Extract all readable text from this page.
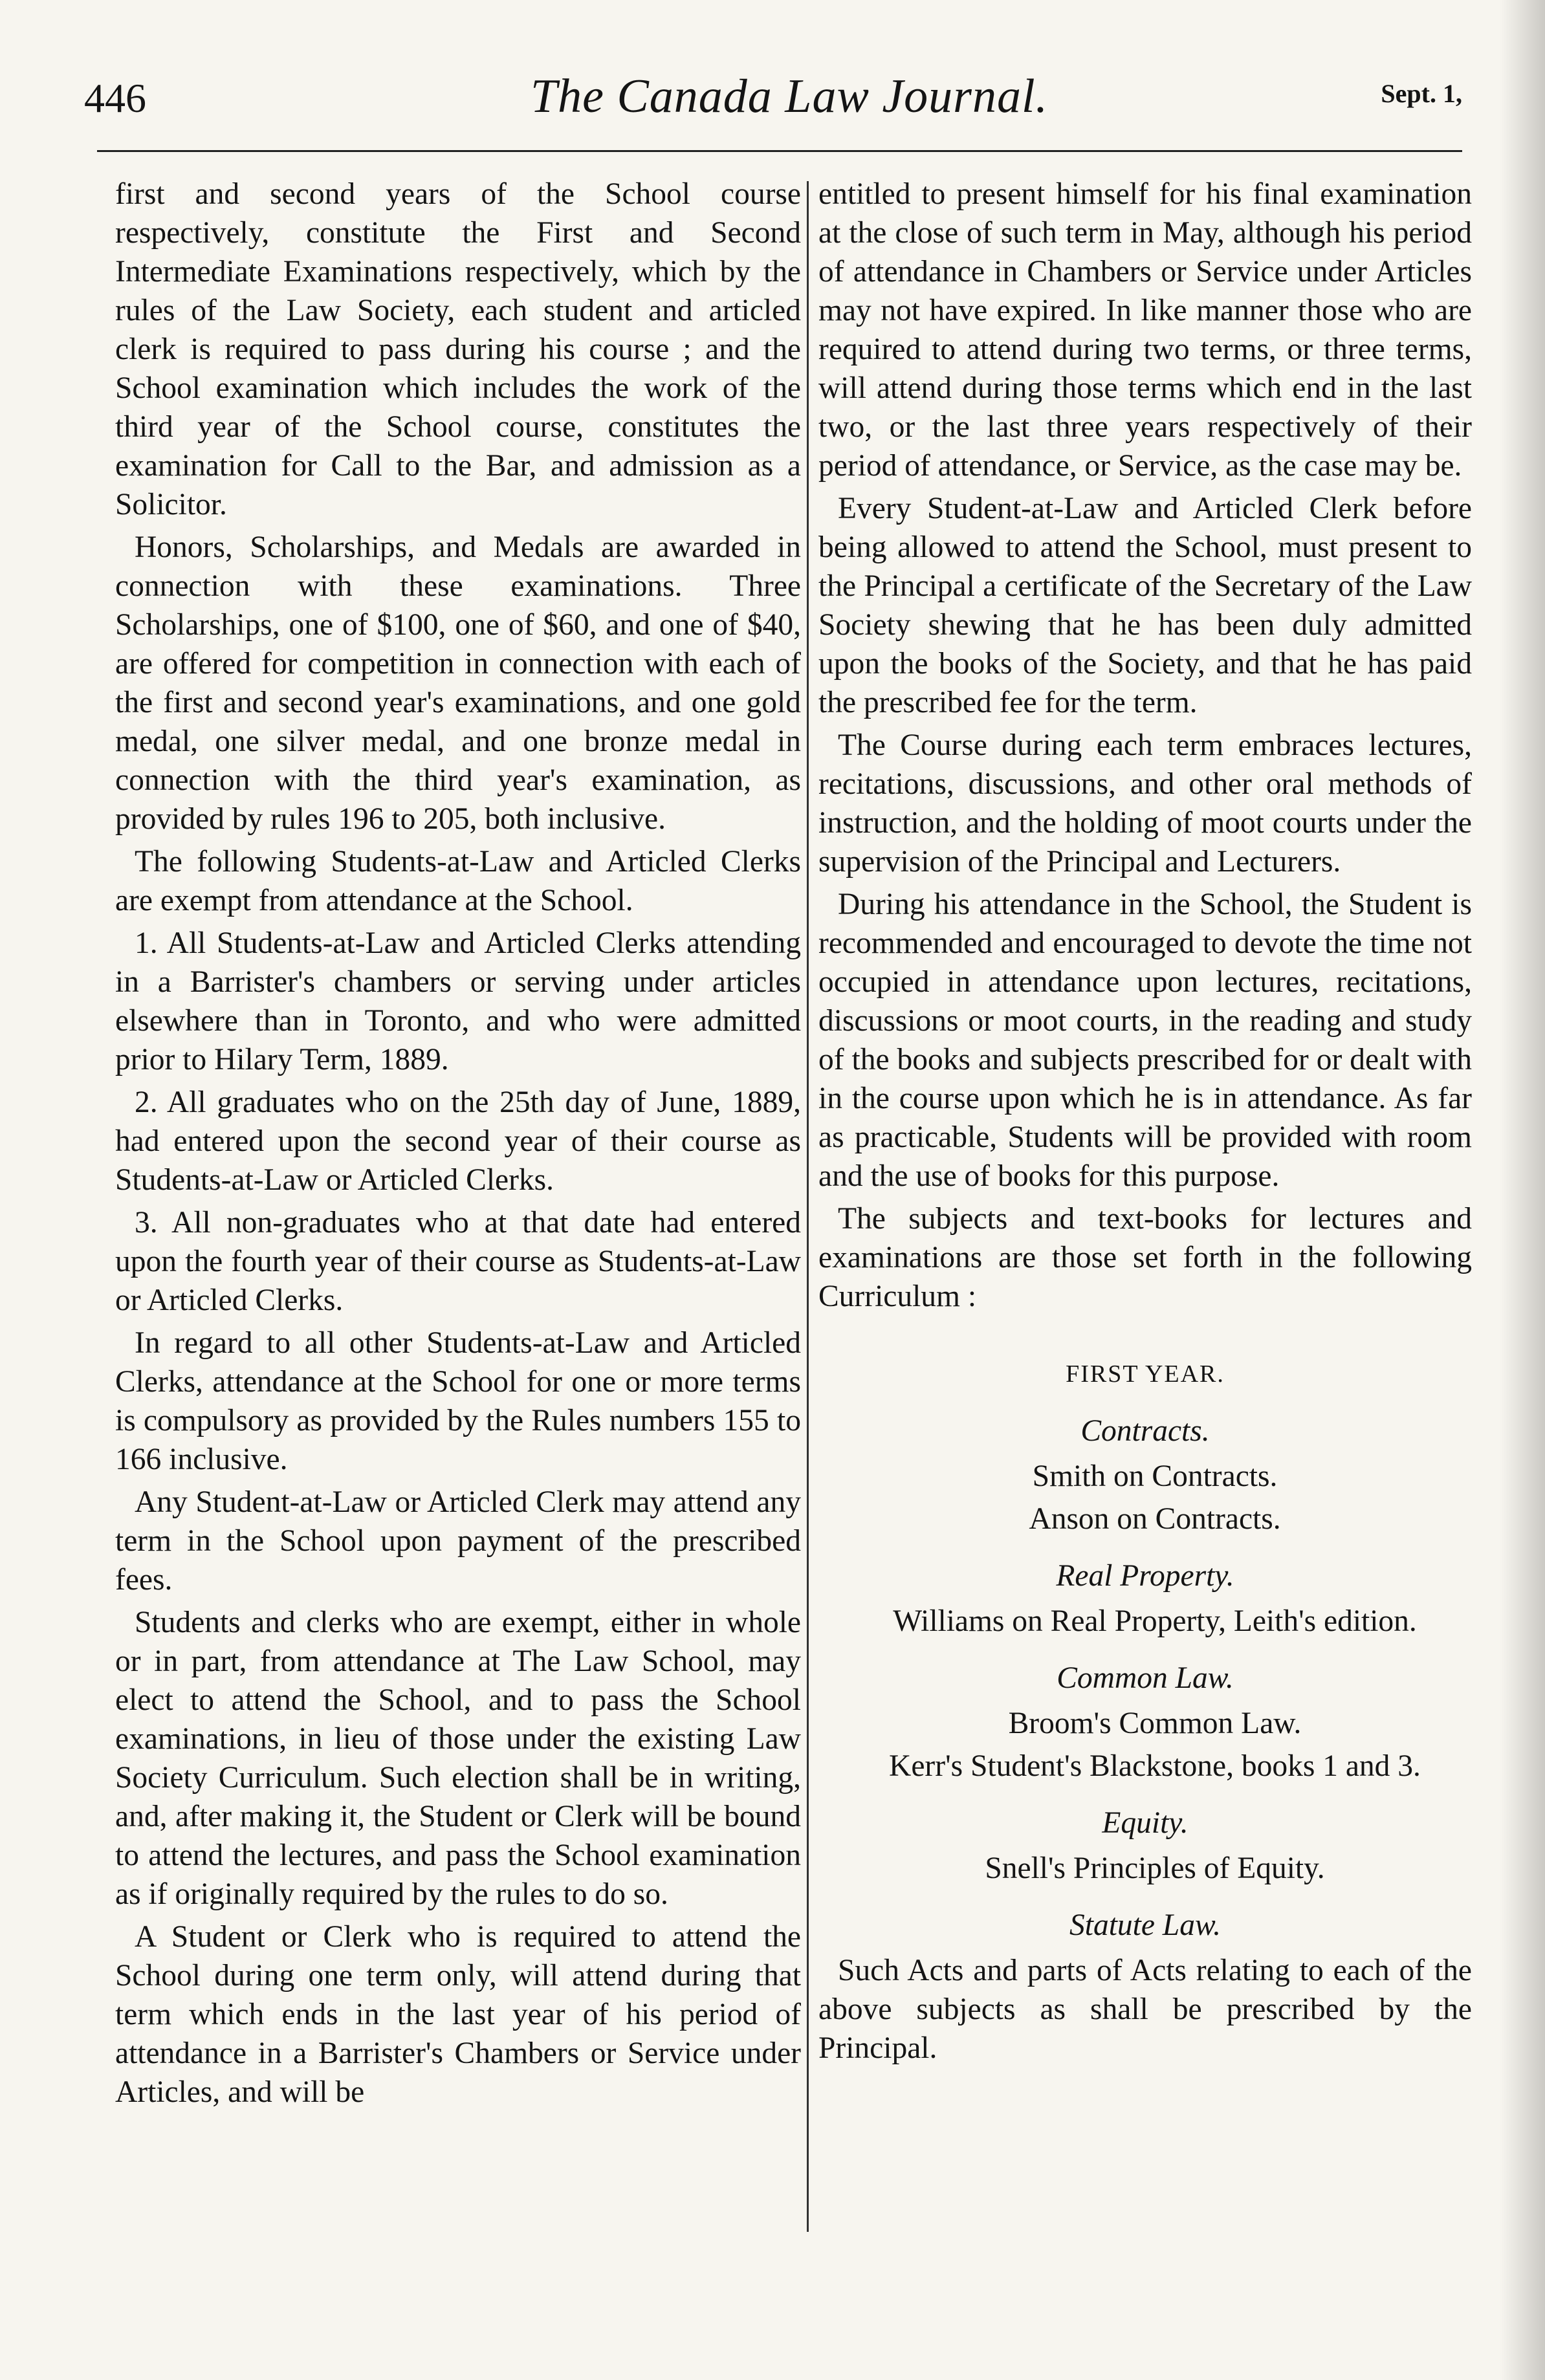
446	The Canada Law Journal.	Sept. 1,

first and second years of the School course respectively, constitute the First and Second Intermediate Examinations respectively, which by the rules of the Law Society, each student and articled clerk is required to pass during his course ; and the School examination which includes the work of the third year of the School course, constitutes the examination for Call to the Bar, and admission as a Solicitor.

Honors, Scholarships, and Medals are awarded in connection with these examinations. Three Scholarships, one of $100, one of $60, and one of $40, are offered for competition in connection with each of the first and second year's examinations, and one gold medal, one silver medal, and one bronze medal in connection with the third year's examination, as provided by rules 196 to 205, both inclusive.

The following Students-at-Law and Articled Clerks are exempt from attendance at the School.

1. All Students-at-Law and Articled Clerks attending in a Barrister's chambers or serving under articles elsewhere than in Toronto, and who were admitted prior to Hilary Term, 1889.

2. All graduates who on the 25th day of June, 1889, had entered upon the second year of their course as Students-at-Law or Articled Clerks.

3. All non-graduates who at that date had entered upon the fourth year of their course as Students-at-Law or Articled Clerks.

In regard to all other Students-at-Law and Articled Clerks, attendance at the School for one or more terms is compulsory as provided by the Rules numbers 155 to 166 inclusive.

Any Student-at-Law or Articled Clerk may attend any term in the School upon payment of the prescribed fees.

Students and clerks who are exempt, either in whole or in part, from attendance at The Law School, may elect to attend the School, and to pass the School examinations, in lieu of those under the existing Law Society Curriculum. Such election shall be in writing, and, after making it, the Student or Clerk will be bound to attend the lectures, and pass the School examination as if originally required by the rules to do so.

A Student or Clerk who is required to attend the School during one term only, will attend during that term which ends in the last year of his period of attendance in a Barrister's Chambers or Service under Articles, and will be

entitled to present himself for his final examination at the close of such term in May, although his period of attendance in Chambers or Service under Articles may not have expired. In like manner those who are required to attend during two terms, or three terms, will attend during those terms which end in the last two, or the last three years respectively of their period of attendance, or Service, as the case may be.

Every Student-at-Law and Articled Clerk before being allowed to attend the School, must present to the Principal a certificate of the Secretary of the Law Society shewing that he has been duly admitted upon the books of the Society, and that he has paid the prescribed fee for the term.

The Course during each term embraces lectures, recitations, discussions, and other oral methods of instruction, and the holding of moot courts under the supervision of the Principal and Lecturers.

During his attendance in the School, the Student is recommended and encouraged to devote the time not occupied in attendance upon lectures, recitations, discussions or moot courts, in the reading and study of the books and subjects prescribed for or dealt with in the course upon which he is in attendance. As far as practicable, Students will be provided with room and the use of books for this purpose.

The subjects and text-books for lectures and examinations are those set forth in the following Curriculum :

FIRST YEAR.
Contracts.

Smith on Contracts.

Anson on Contracts.

Real Property.

Williams on Real Property, Leith's edition.

Common Law.

Broom's Common Law.

Kerr's Student's Blackstone, books 1 and 3.

Equity.

Snell's Principles of Equity.

Statute Law.

Such Acts and parts of Acts relating to each of the above subjects as shall be prescribed by the Principal.
